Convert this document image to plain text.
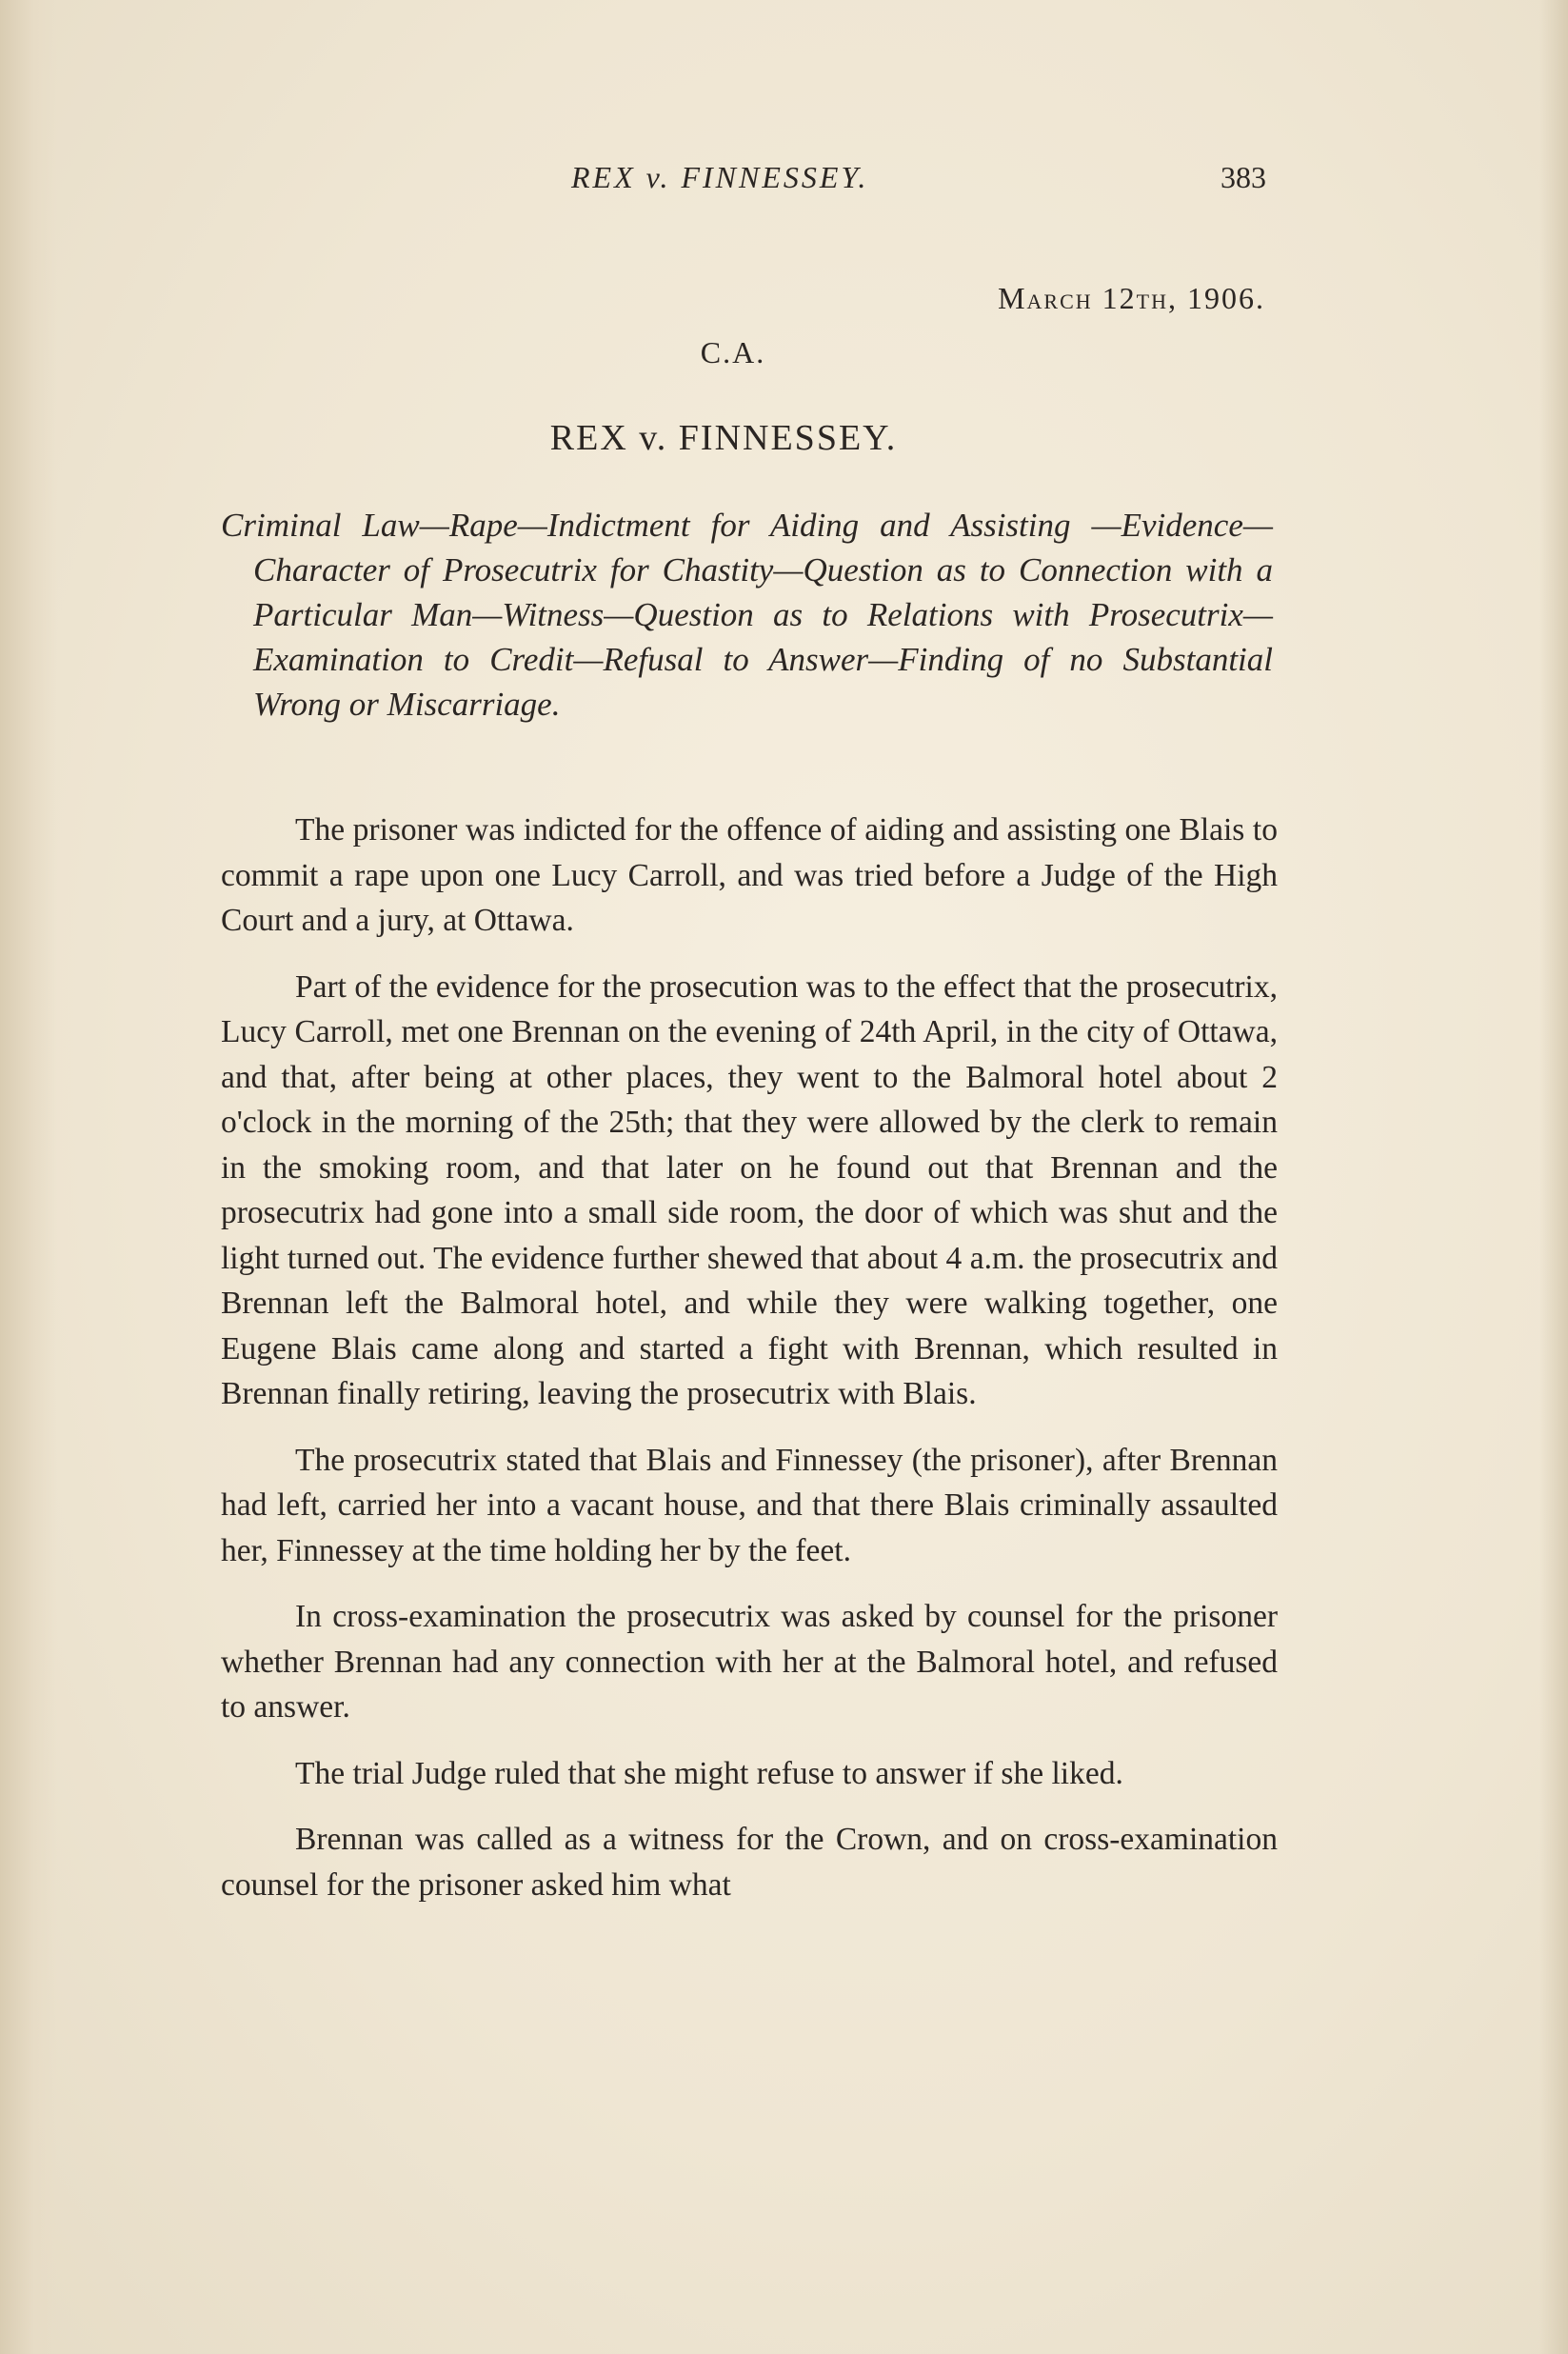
REX v. FINNESSEY.	383
March 12th, 1906.
C.A.
REX v. FINNESSEY.
Criminal Law—Rape—Indictment for Aiding and Assisting —Evidence—Character of Prosecutrix for Chastity—Question as to Connection with a Particular Man—Witness—Question as to Relations with Prosecutrix—Examination to Credit—Refusal to Answer—Finding of no Substantial Wrong or Miscarriage.

The prisoner was indicted for the offence of aiding and assisting one Blais to commit a rape upon one Lucy Carroll, and was tried before a Judge of the High Court and a jury, at Ottawa.

Part of the evidence for the prosecution was to the effect that the prosecutrix, Lucy Carroll, met one Brennan on the evening of 24th April, in the city of Ottawa, and that, after being at other places, they went to the Balmoral hotel about 2 o'clock in the morning of the 25th; that they were allowed by the clerk to remain in the smoking room, and that later on he found out that Brennan and the prosecutrix had gone into a small side room, the door of which was shut and the light turned out. The evidence further shewed that about 4 a.m. the prosecutrix and Brennan left the Balmoral hotel, and while they were walking together, one Eugene Blais came along and started a fight with Brennan, which resulted in Brennan finally retiring, leaving the prosecutrix with Blais.

The prosecutrix stated that Blais and Finnessey (the prisoner), after Brennan had left, carried her into a vacant house, and that there Blais criminally assaulted her, Finnessey at the time holding her by the feet.

In cross-examination the prosecutrix was asked by counsel for the prisoner whether Brennan had any connection with her at the Balmoral hotel, and refused to answer.

The trial Judge ruled that she might refuse to answer if she liked.

Brennan was called as a witness for the Crown, and on cross-examination counsel for the prisoner asked him what
